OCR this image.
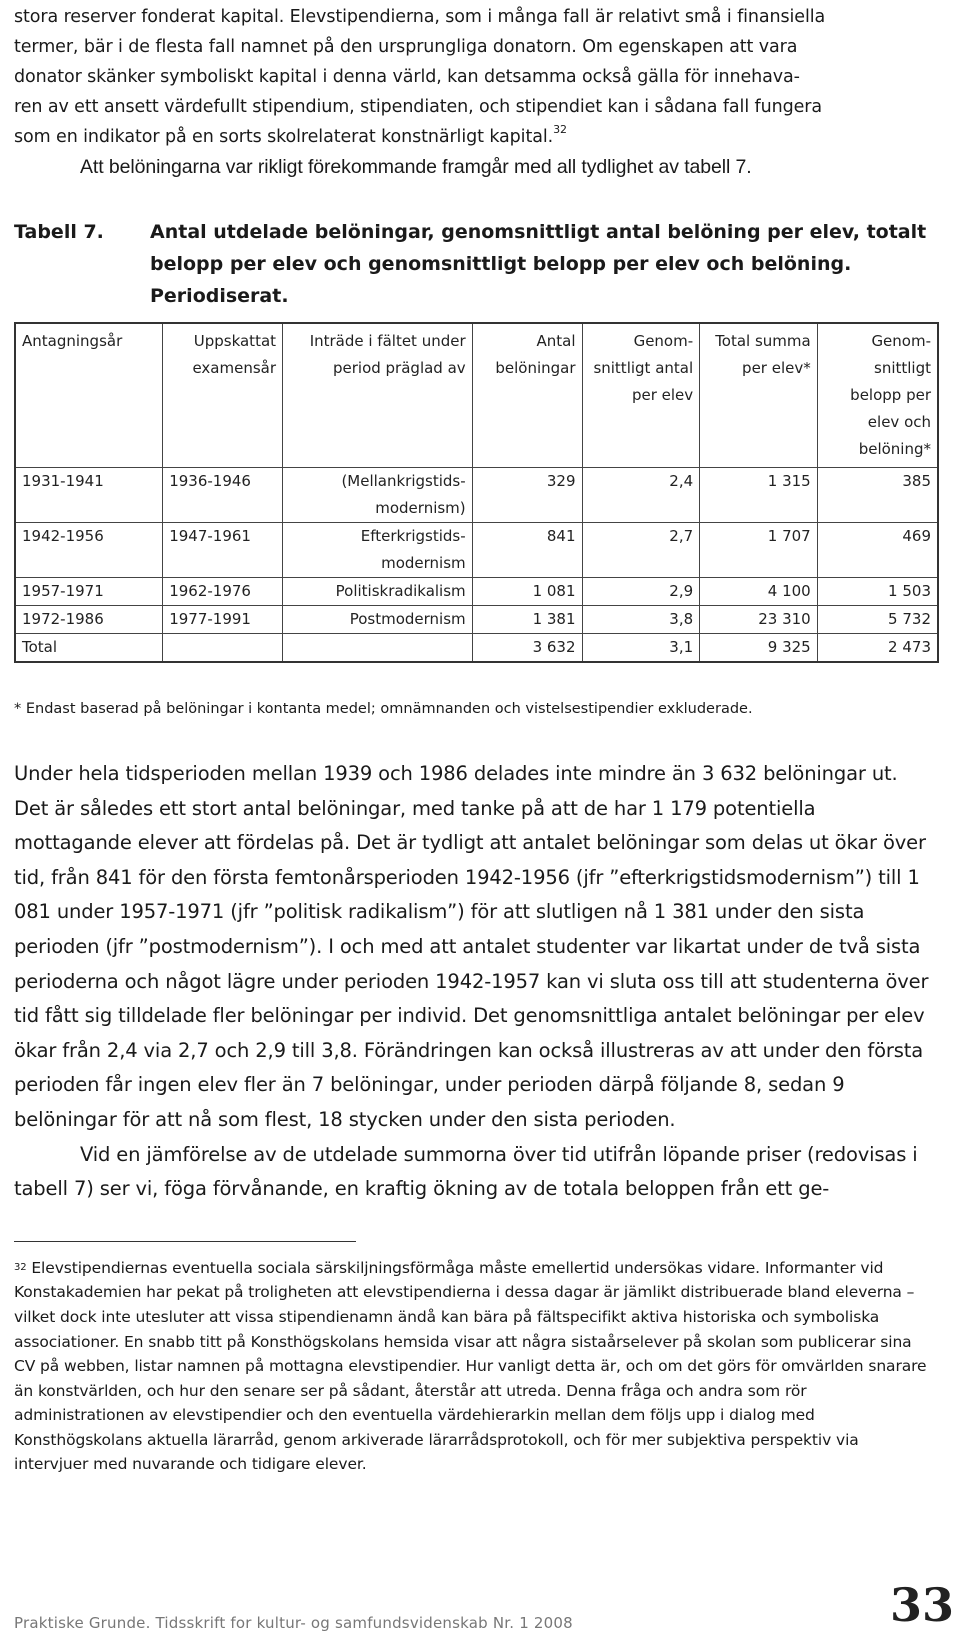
stora reserver fonderat kapital. Elevstipendierna, som i många fall är relativt små i finansiella

termer, bär i de flesta fall namnet på den ursprungliga donatorn. Om egenskapen att vara

donator skänker symboliskt kapital i denna värld, kan detsamma också gälla för innehava-

ren av ett ansett värdefullt stipendium, stipendiaten, och stipendiet kan i sådana fall fungera

som en indikator på en sorts skolrelaterat konstnärligt kapital.$^{32}$

Att belöningarna var rikligt förekommande framgår med all tydlighet av tabell 7.

Tabell 7.	Antal utdelade belöningar, genomsnittligt antal belöning per elev, totalt belopp per elev och genomsnittligt belopp per elev och belöning. Periodiserat.
Antagningsår	Uppskattat examensår	Inträde i fältet under period präglad av	Antal belöningar	Genom-snittligt antal per elev	Total summa per elev*	Genom-snittligt belopp per elev och belöning*
1931-1941	1936-1946	(Mellankrigstids-modernism)	329	2,4	1 315	385
1942-1956	1947-1961	Efterkrigstids-modernism	841	2,7	1 707	469
1957-1971	1962-1976	Politiskradikalism	1 081	2,9	4 100	1 503
1972-1986	1977-1991	Postmodernism	1 381	3,8	23 310	5 732
Total			3 632	3,1	9 325	2 473
* Endast baserad på belöningar i kontanta medel; omnämnanden och vistelsestipendier exkluderade.

Under hela tidsperioden mellan 1939 och 1986 delades inte mindre än 3 632 belöningar ut. Det är således ett stort antal belöningar, med tanke på att de har 1 179 potentiella mottagande elever att fördelas på. Det är tydligt att antalet belöningar som delas ut ökar över tid, från 841 för den första femtonårsperioden 1942-1956 (jfr ”efterkrigstidsmodernism”) till 1 081 under 1957-1971 (jfr ”politisk radikalism”) för att slutligen nå 1 381 under den sista perioden (jfr ”postmodernism”). I och med att antalet studenter var likartat under de två sista perioderna och något lägre under perioden 1942-1957 kan vi sluta oss till att studenterna över tid fått sig tilldelade fler belöningar per individ. Det genomsnittliga antalet belöningar per elev ökar från 2,4 via 2,7 och 2,9 till 3,8. Förändringen kan också illustreras av att under den första perioden får ingen elev fler än 7 belöningar, under perioden därpå följande 8, sedan 9 belöningar för att nå som flest, 18 stycken under den sista perioden.

Vid en jämförelse av de utdelade summorna över tid utifrån löpande priser (redovisas i tabell 7) ser vi, föga förvånande, en kraftig ökning av de totala beloppen från ett ge-

32 Elevstipendiernas eventuella sociala särskiljningsförmåga måste emellertid undersökas vidare. Informanter vid Konstakademien har pekat på troligheten att elevstipendierna i dessa dagar är jämlikt distribuerade bland eleverna – vilket dock inte utesluter att vissa stipendienamn ändå kan bära på fältspecifikt aktiva historiska och symboliska associationer. En snabb titt på Konsthögskolans hemsida visar att några sistaårselever på skolan som publicerar sina CV på webben, listar namnen på mottagna elevstipendier. Hur vanligt detta är, och om det görs för omvärlden snarare än konstvärlden, och hur den senare ser på sådant, återstår att utreda. Denna fråga och andra som rör administrationen av elevstipendier och den eventuella värdehierarkin mellan dem följs upp i dialog med Konsthögskolans aktuella lärarråd, genom arkiverade lärarrådsprotokoll, och för mer subjektiva perspektiv via intervjuer med nuvarande och tidigare elever.
Praktiske Grunde. Tidsskrift for kultur- og samfundsvidenskab Nr. 1 2008	33
